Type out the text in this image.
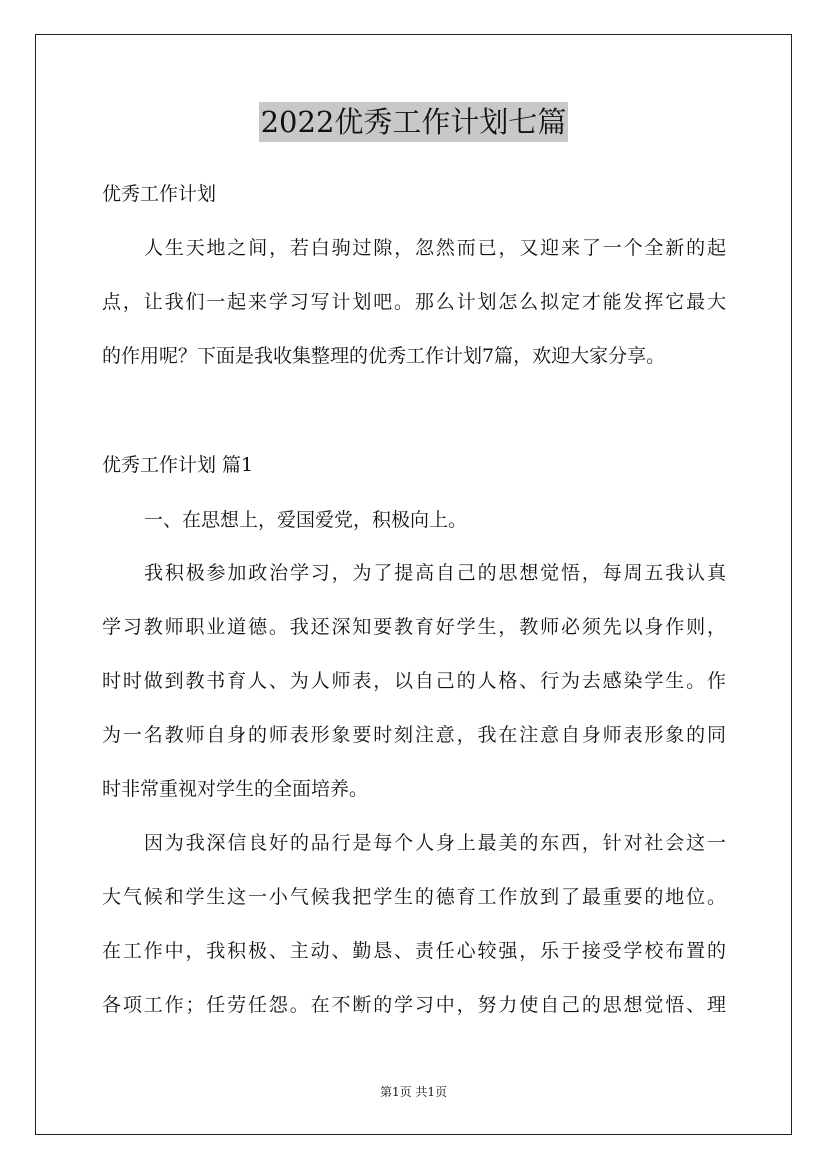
2022优秀工作计划七篇
优秀工作计划
人生天地之间，若白驹过隙，忽然而已，又迎来了一个全新的起
点，让我们一起来学习写计划吧。那么计划怎么拟定才能发挥它最大
的作用呢？下面是我收集整理的优秀工作计划7篇，欢迎大家分享。
优秀工作计划 篇1
一、在思想上，爱国爱党，积极向上。
我积极参加政治学习，为了提高自己的思想觉悟，每周五我认真
学习教师职业道德。我还深知要教育好学生，教师必须先以身作则，
时时做到教书育人、为人师表，以自己的人格、行为去感染学生。作
为一名教师自身的师表形象要时刻注意，我在注意自身师表形象的同
时非常重视对学生的全面培养。
因为我深信良好的品行是每个人身上最美的东西，针对社会这一
大气候和学生这一小气候我把学生的德育工作放到了最重要的地位。
在工作中，我积极、主动、勤恳、责任心较强，乐于接受学校布置的
各项工作；任劳任怨。在不断的学习中，努力使自己的思想觉悟、理
第1页 共1页
